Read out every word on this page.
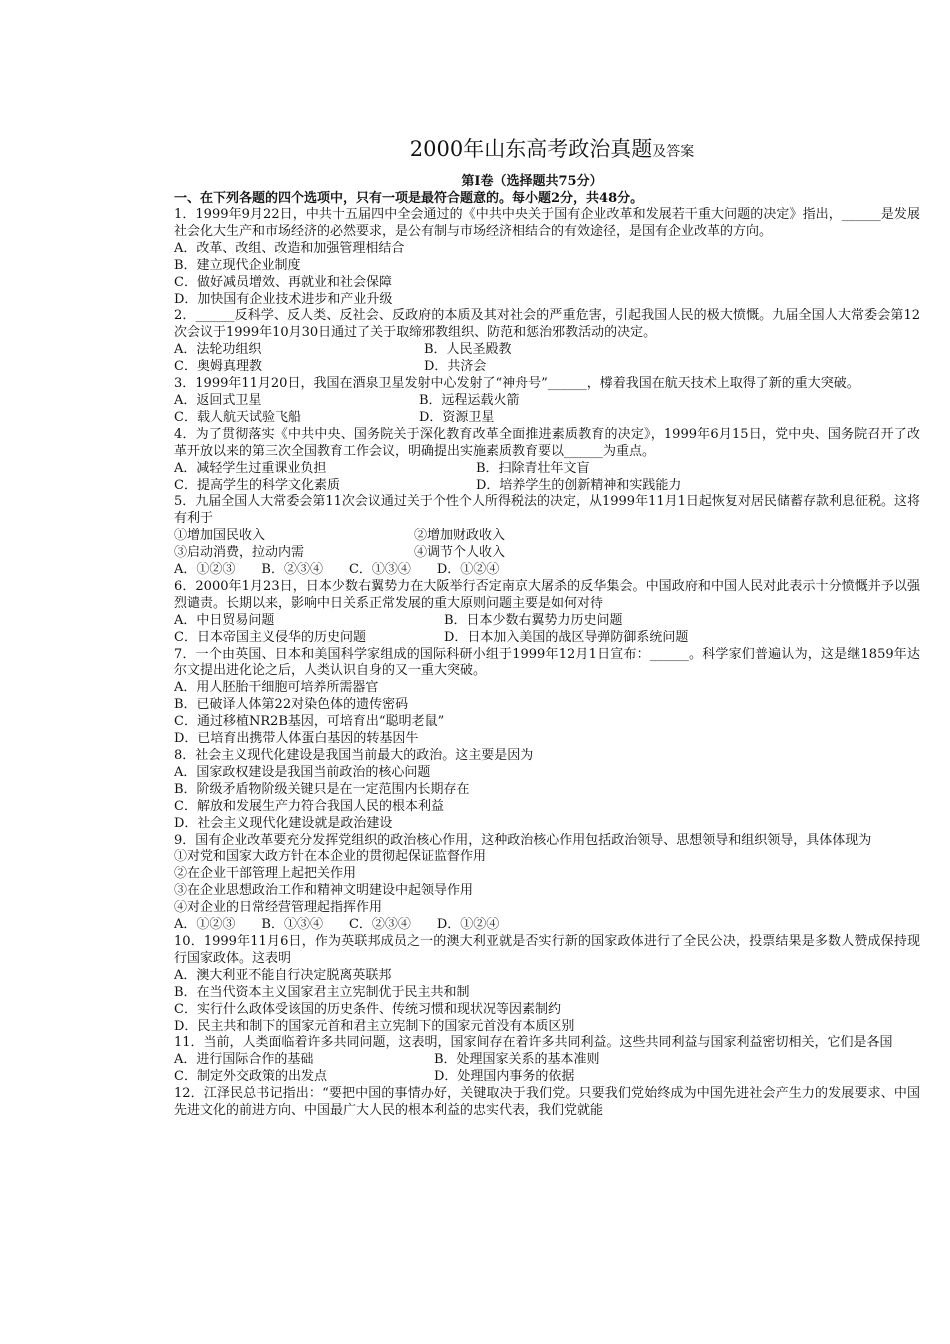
2000年山东高考政治真题及答案
第Ⅰ卷（选择题共75分）
一、在下列各题的四个选项中，只有一项是最符合题意的。每小题2分，共48分。
1．1999年9月22日，中共十五届四中全会通过的《中共中央关于国有企业改革和发展若干重大问题的决定》指出，______是发展社会化大生产和市场经济的必然要求，是公有制与市场经济相结合的有效途径，是国有企业改革的方向。
A．改革、改组、改造和加强管理相结合
B．建立现代企业制度
C．做好减员增效、再就业和社会保障
D．加快国有企业技术进步和产业升级
2．______反科学、反人类、反社会、反政府的本质及其对社会的严重危害，引起我国人民的极大愤慨。九届全国人大常委会第12次会议于1999年10月30日通过了关于取缔邪教组织、防范和惩治邪教活动的决定。
A．法轮功组织	B．人民圣殿教
C．奥姆真理教	D．共济会
3．1999年11月20日，我国在酒泉卫星发射中心发射了“神舟号”______，橕着我国在航天技术上取得了新的重大突破。
A．返回式卫星	B．远程运载火箭
C．载人航天试验飞船	D．资源卫星
4．为了贯彻落实《中共中央、国务院关于深化教育改革全面推进素质教育的决定》，1999年6月15日，党中央、国务院召开了改革开放以来的第三次全国教育工作会议，明确提出实施素质教育要以______为重点。
A．减轻学生过重课业负担	B．扫除青壮年文盲
C．提高学生的科学文化素质	D．培养学生的创新精神和实践能力
5．九届全国人大常委会第11次会议通过关于个性个人所得税法的决定，从1999年11月1日起恢复对居民储蓄存款利息征税。这将有利于
①增加国民收入	②增加财政收入
③启动消费，拉动内需	④调节个人收入
A．①②③　　B．②③④　　C．①③④　　D．①②④
6．2000年1月23日，日本少数右翼势力在大阪举行否定南京大屠杀的反华集会。中国政府和中国人民对此表示十分愤慨并予以强烈谴责。长期以来，影响中日关系正常发展的重大原则问题主要是如何对待
A．中日贸易问题	B．日本少数右翼势力历史问题
C．日本帝国主义侵华的历史问题	D．日本加入美国的战区导弹防御系统问题
7．一个由英国、日本和美国科学家组成的国际科研小组于1999年12月1日宣布：______。科学家们普遍认为，这是继1859年达尔文提出进化论之后，人类认识自身的又一重大突破。
A．用人胚胎干细胞可培养所需器官
B．已破译人体第22对染色体的遗传密码
C．通过移植NR2B基因，可培育出“聪明老鼠”
D．已培育出携带人体蛋白基因的转基因牛
8．社会主义现代化建设是我国当前最大的政治。这主要是因为
A．国家政权建设是我国当前政治的核心问题
B．阶级矛盾物阶级关键只是在一定范围内长期存在
C．解放和发展生产力符合我国人民的根本利益
D．社会主义现代化建设就是政治建设
9．国有企业改革要充分发挥党组织的政治核心作用，这种政治核心作用包括政治领导、思想领导和组织领导，具体体现为
①对党和国家大政方针在本企业的贯彻起保证监督作用
②在企业干部管理上起把关作用
③在企业思想政治工作和精神文明建设中起领导作用
④对企业的日常经营管理起指挥作用
A．①②③　　B．①③④　　C．②③④　　D．①②④
10．1999年11月6日，作为英联邦成员之一的澳大利亚就是否实行新的国家政体进行了全民公决，投票结果是多数人赞成保持现行国家政体。这表明
A．澳大利亚不能自行决定脱离英联邦
B．在当代资本主义国家君主立宪制优于民主共和制
C．实行什么政体受该国的历史条件、传统习惯和现状况等因素制约
D．民主共和制下的国家元首和君主立宪制下的国家元首没有本质区别
11．当前，人类面临着许多共同问题，这表明，国家间存在着许多共同利益。这些共同利益与国家利益密切相关，它们是各国
A．进行国际合作的基础	B．处理国家关系的基本准则
C．制定外交政策的出发点	D．处理国内事务的依据
12．江泽民总书记指出：“要把中国的事情办好，关键取决于我们党。只要我们党始终成为中国先进社会产生力的发展要求、中国先进文化的前进方向、中国最广大人民的根本利益的忠实代表，我们党就能
